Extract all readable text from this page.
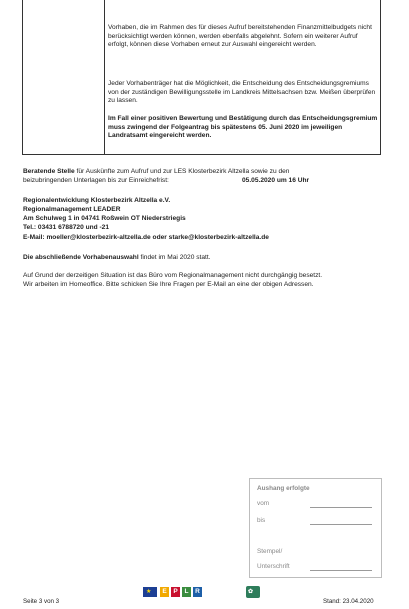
Vorhaben, die im Rahmen des für dieses Aufruf bereitstehenden Finanzmittelbudgets nicht berücksichtigt werden können, werden ebenfalls abgelehnt. Sofern ein weiterer Aufruf erfolgt, können diese Vorhaben erneut zur Auswahl eingereicht werden.

Jeder Vorhabenträger hat die Möglichkeit, die Entscheidung des Entscheidungsgremiums von der zuständigen Bewilligungsstelle im Landkreis Mittelsachsen bzw. Meißen überprüfen zu lassen.

Im Fall einer positiven Bewertung und Bestätigung durch das Entscheidungsgremium muss zwingend der Folgeantrag bis spätestens 05. Juni 2020 im jeweiligen Landratsamt eingereicht werden.

Beratende Stelle für Auskünfte zum Aufruf und zur LES Klosterbezirk Altzella sowie zu den
beizubringenden Unterlagen bis zur Einreichefrist:	05.05.2020 um 16 Uhr
Regionalentwicklung Klosterbezirk Altzella e.V.
Regionalmanagement LEADER
Am Schulweg 1 in 04741 Roßwein OT Niederstriegis
Tel.: 03431 6788720 und -21
E-Mail: moeller@klosterbezirk-altzella.de oder starke@klosterbezirk-altzella.de
Die abschließende Vorhabenauswahl findet im Mai 2020 statt.
Auf Grund der derzeitigen Situation ist das Büro vom Regionalmanagement nicht durchgängig besetzt.
Wir arbeiten im Homeoffice. Bitte schicken Sie Ihre Fragen per E-Mail an eine der obigen Adressen.
Aushang erfolgte
vom
bis
Stempel/
Unterschrift
Seite 3 von 3
★	E	P	L	R	✿
Stand: 23.04.2020
